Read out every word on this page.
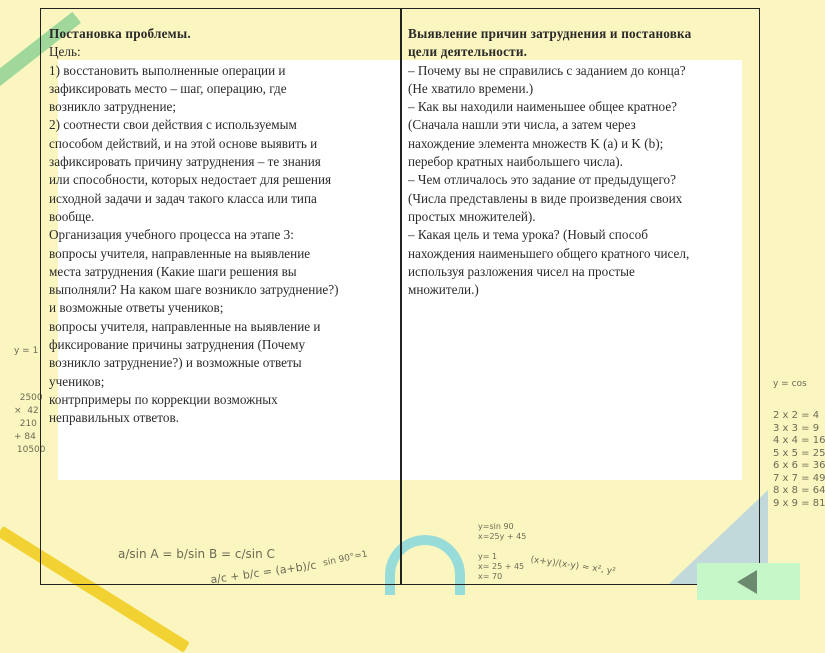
2 x 2 = 4
3 x 3 = 9
4 x 4 = 16
5 x 5 = 25
6 x 6 = 36
7 x 7 = 49
8 x 8 = 64
9 x 9 = 81
2500
×  42
210
+ 84
10500
y = 1
y = cos
a/sin A = b/sin B = c/sin C
a/c + b/c = (a+b)/c sin 90°=1
y=sin 90
x=25y + 45

y= 1
x= 25 + 45
x= 70	(x+y)/(x-y) ≈ x², y²
Постановка проблемы.
Цель:
1) восстановить выполненные операции и
зафиксировать место – шаг, операцию, где
возникло затруднение;
2) соотнести свои действия с используемым
способом действий, и на этой основе выявить и
зафиксировать причину затруднения – те знания
или способности, которых недостает для решения
исходной задачи и задач такого класса или типа
вообще.
Организация учебного процесса на этапе 3:
вопросы учителя, направленные на выявление
места затруднения (Какие шаги решения вы
выполняли? На каком шаге возникло затруднение?)
и возможные ответы учеников;
вопросы учителя, направленные на выявление и
фиксирование причины затруднения (Почему
возникло затруднение?) и возможные ответы
учеников;
контрпримеры по коррекции возможных
неправильных ответов.
Выявление причин затруднения и постановка
цели деятельности.
– Почему вы не справились с заданием до конца?
(Не хватило времени.)
– Как вы находили наименьшее общее кратное?
(Сначала нашли эти числа, а затем через
нахождение элемента множеств K (a) и K (b);
перебор кратных наибольшего числа).
– Чем отличалось это задание от предыдущего?
(Числа представлены в виде произведения своих
простых множителей).
– Какая цель и тема урока? (Новый способ
нахождения наименьшего общего кратного чисел,
используя разложения чисел на простые
множители.)
